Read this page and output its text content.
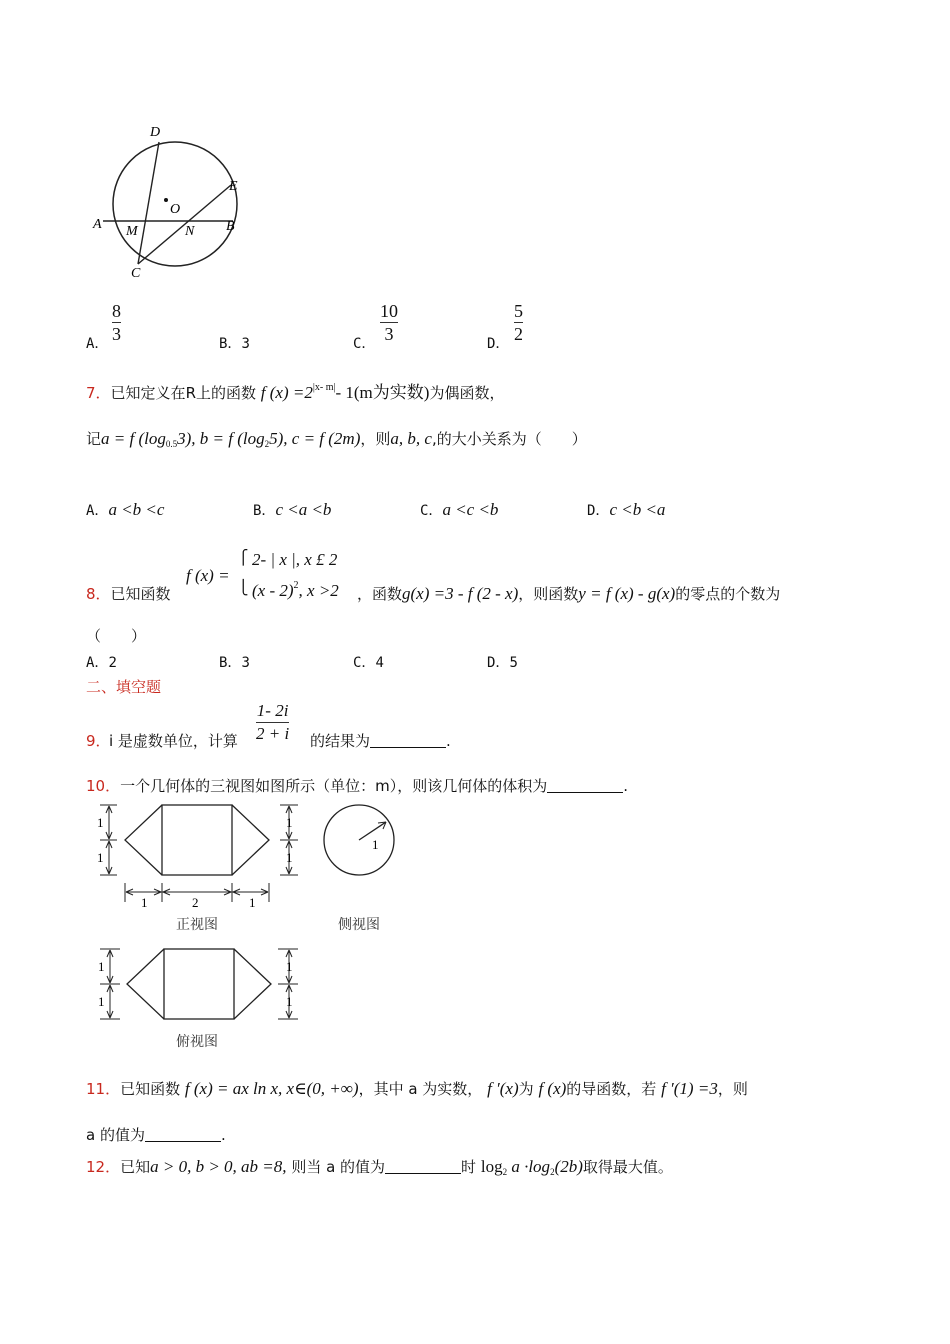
D
E
O
A M	N B
C
A．
8
3	B．3	C．
10
3	D．
5
2
7．已知定义在R上的函数 f $(x) =2^{|x- m|}-$ 1(m为实数)为偶函数，
记a = f $(\log_{0.5}3)$, b = f $(\log_25)$, c = f (2m)，则a, b, c,的大小关系为（　　）
A．a <b <c	B．c <a <b	C．a <c <b	D．c <b <a
f (x) =
⎧
⎩
2- | x |, x £ 2
(x - 2)$^2$, x >2
8．已知函数	，函数g(x) =3 - f (2 - x)，则函数y = f (x) - g(x)的零点的个数为
（　　）
A．2	B．3	C．4	D．5
二、填空题
9．
i 是虚数单位，计算
1- 2i
2 + i 的结果为	.
10．一个几何体的三视图如图所示（单位：m），则该几何体的体积为	.
1
1
1
1
1	2	1
正视图
1
侧视图
1
1
1
1
俯视图
11．已知函数 f (x) = ax ln x, x∈(0, +∞)，其中 a 为实数， f ′(x)为 f (x)的导函数，若 f ′(1) =3，则
a 的值为	.
12．已知a > 0, b > 0, ab =8, 则当 a 的值为	时 $\log_2 a \cdot\log_2(2b)$取得最大值。
